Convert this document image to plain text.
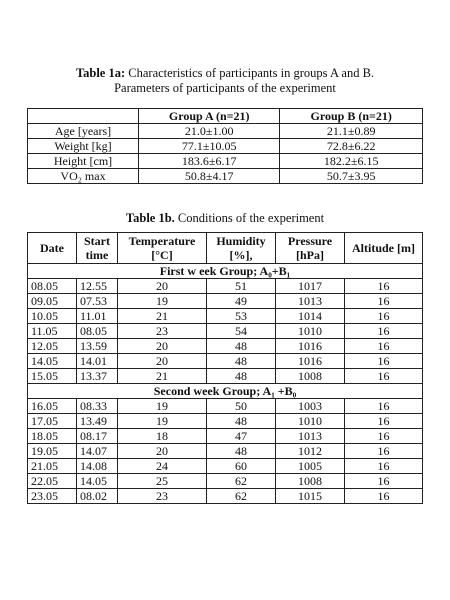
Table 1a: Characteristics of participants in groups A and B.
Parameters of participants of the experiment
	Group A (n=21)	Group B (n=21)
Age [years]	21.0±1.00	21.1±0.89
Weight [kg]	77.1±10.05	72.8±6.22
Height [cm]	183.6±6.17	182.2±6.15
VO₂ max	50.8±4.17	50.7±3.95
Table 1b. Conditions of the experiment
Date	Start time	Temperature [°C]	Humidity [%],	Pressure [hPa]	Altitude [m]
First w eek Group; A₀+B₁					
08.05	12.55	20	51	1017	16
09.05	07.53	19	49	1013	16
10.05	11.01	21	53	1014	16
11.05	08.05	23	54	1010	16
12.05	13.59	20	48	1016	16
14.05	14.01	20	48	1016	16
15.05	13.37	21	48	1008	16
Second week Group; A₁ +B₀					
16.05	08.33	19	50	1003	16
17.05	13.49	19	48	1010	16
18.05	08.17	18	47	1013	16
19.05	14.07	20	48	1012	16
21.05	14.08	24	60	1005	16
22.05	14.05	25	62	1008	16
23.05	08.02	23	62	1015	16
